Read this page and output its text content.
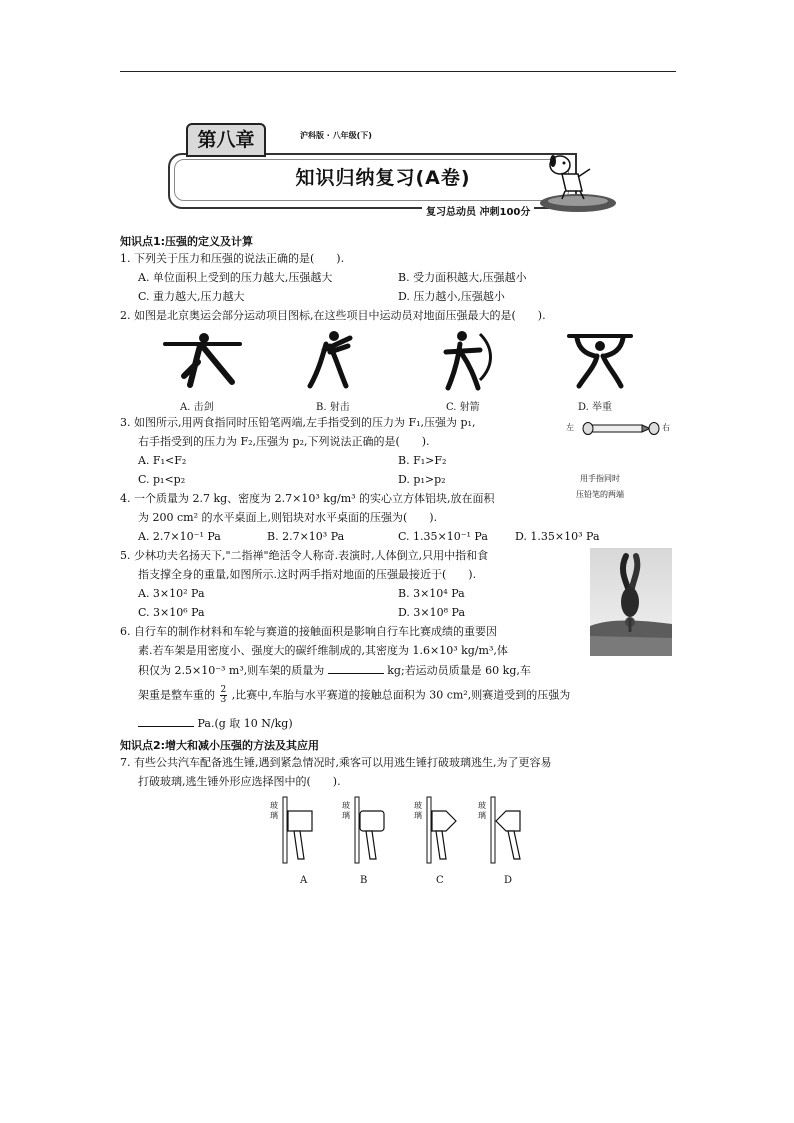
第八章	沪科版 · 八年级(下)
知识归纳复习(A卷)
复习总动员 冲刺100分
知识点1:压强的定义及计算
1. 下列关于压力和压强的说法正确的是(　　).
A. 单位面积上受到的压力越大,压强越大	B. 受力面积越大,压强越小
C. 重力越大,压力越大	D. 压力越小,压强越小
2. 如图是北京奥运会部分运动项目图标,在这些项目中运动员对地面压强最大的是(　　).
A. 击剑	B. 射击	C. 射箭	D. 举重
3. 如图所示,用两食指同时压铅笔两端,左手指受到的压力为 F₁,压强为 p₁,
右手指受到的压力为 F₂,压强为 p₂,下列说法正确的是(　　).
A. F₁<F₂	B. F₁>F₂
C. p₁<p₂	D. p₁>p₂
左	右
用手指同时
压铅笔的两端
4. 一个质量为 2.7 kg、密度为 2.7×10³ kg/m³ 的实心立方体铝块,放在面积
为 200 cm² 的水平桌面上,则铝块对水平桌面的压强为(　　).
A. 2.7×10⁻¹ Pa	B. 2.7×10³ Pa	C. 1.35×10⁻¹ Pa D. 1.35×10³ Pa
5. 少林功夫名扬天下,"二指禅"绝活令人称奇.表演时,人体倒立,只用中指和食
指支撑全身的重量,如图所示.这时两手指对地面的压强最接近于(　　).
A. 3×10² Pa	B. 3×10⁴ Pa
C. 3×10⁶ Pa	D. 3×10⁸ Pa
6. 自行车的制作材料和车轮与赛道的接触面积是影响自行车比赛成绩的重要因
素.若车架是用密度小、强度大的碳纤维制成的,其密度为 1.6×10³ kg/m³,体
积仅为 2.5×10⁻³ m³,则车架的质量为	kg;若运动员质量是 60 kg,车
架重是整车重的 $\frac{2}{3}$ ,比赛中,车胎与水平赛道的接触总面积为 30 cm²,则赛道受到的压强为
Pa.(g 取 10 N/kg)
知识点2:增大和减小压强的方法及其应用
7. 有些公共汽车配备逃生锤,遇到紧急情况时,乘客可以用逃生锤打破玻璃逃生,为了更容易
打破玻璃,逃生锤外形应选择图中的(　　).
玻璃
A
玻璃
B
玻璃
C
玻璃
D
